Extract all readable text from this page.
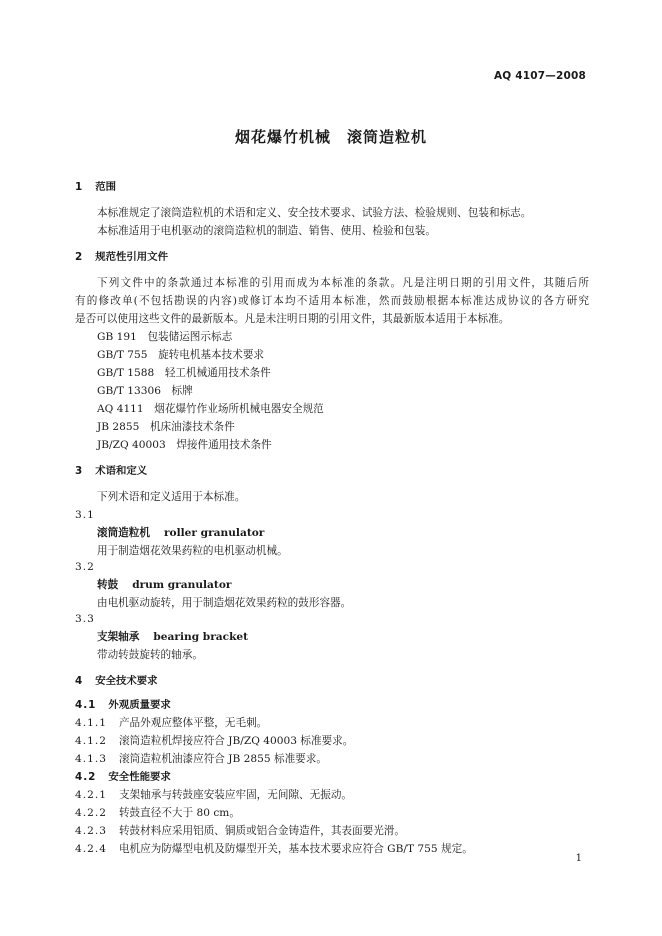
AQ 4107—2008
烟花爆竹机械　滚筒造粒机
1 范围
本标准规定了滚筒造粒机的术语和定义、安全技术要求、试验方法、检验规则、包装和标志。
本标准适用于电机驱动的滚筒造粒机的制造、销售、使用、检验和包装。
2 规范性引用文件
下列文件中的条款通过本标准的引用而成为本标准的条款。凡是注明日期的引用文件，其随后所
有的修改单(不包括勘误的内容)或修订本均不适用本标准，然而鼓励根据本标准达成协议的各方研究
是否可以使用这些文件的最新版本。凡是未注明日期的引用文件，其最新版本适用于本标准。
GB 191　 包装储运图示标志
GB/T 755　 旋转电机基本技术要求
GB/T 1588　 轻工机械通用技术条件
GB/T 13306　 标牌
AQ 4111　 烟花爆竹作业场所机械电器安全规范
JB 2855　 机床油漆技术条件
JB/ZQ 40003　 焊接件通用技术条件
3 术语和定义
下列术语和定义适用于本标准。
3.1
滚筒造粒机 roller granulator
用于制造烟花效果药粒的电机驱动机械。
3.2
转鼓 drum granulator
由电机驱动旋转，用于制造烟花效果药粒的鼓形容器。
3.3
支架轴承 bearing bracket
带动转鼓旋转的轴承。
4 安全技术要求
4.1 外观质量要求
4.1.1 产品外观应整体平整，无毛刺。
4.1.2 滚筒造粒机焊接应符合 JB/ZQ 40003 标准要求。
4.1.3 滚筒造粒机油漆应符合 JB 2855 标准要求。
4.2 安全性能要求
4.2.1 支架轴承与转鼓座安装应牢固，无间隙、无振动。
4.2.2 转鼓直径不大于 80 cm。
4.2.3 转鼓材料应采用铝质、铜质或铝合金铸造件，其表面要光滑。
4.2.4 电机应为防爆型电机及防爆型开关，基本技术要求应符合 GB/T 755 规定。
1
